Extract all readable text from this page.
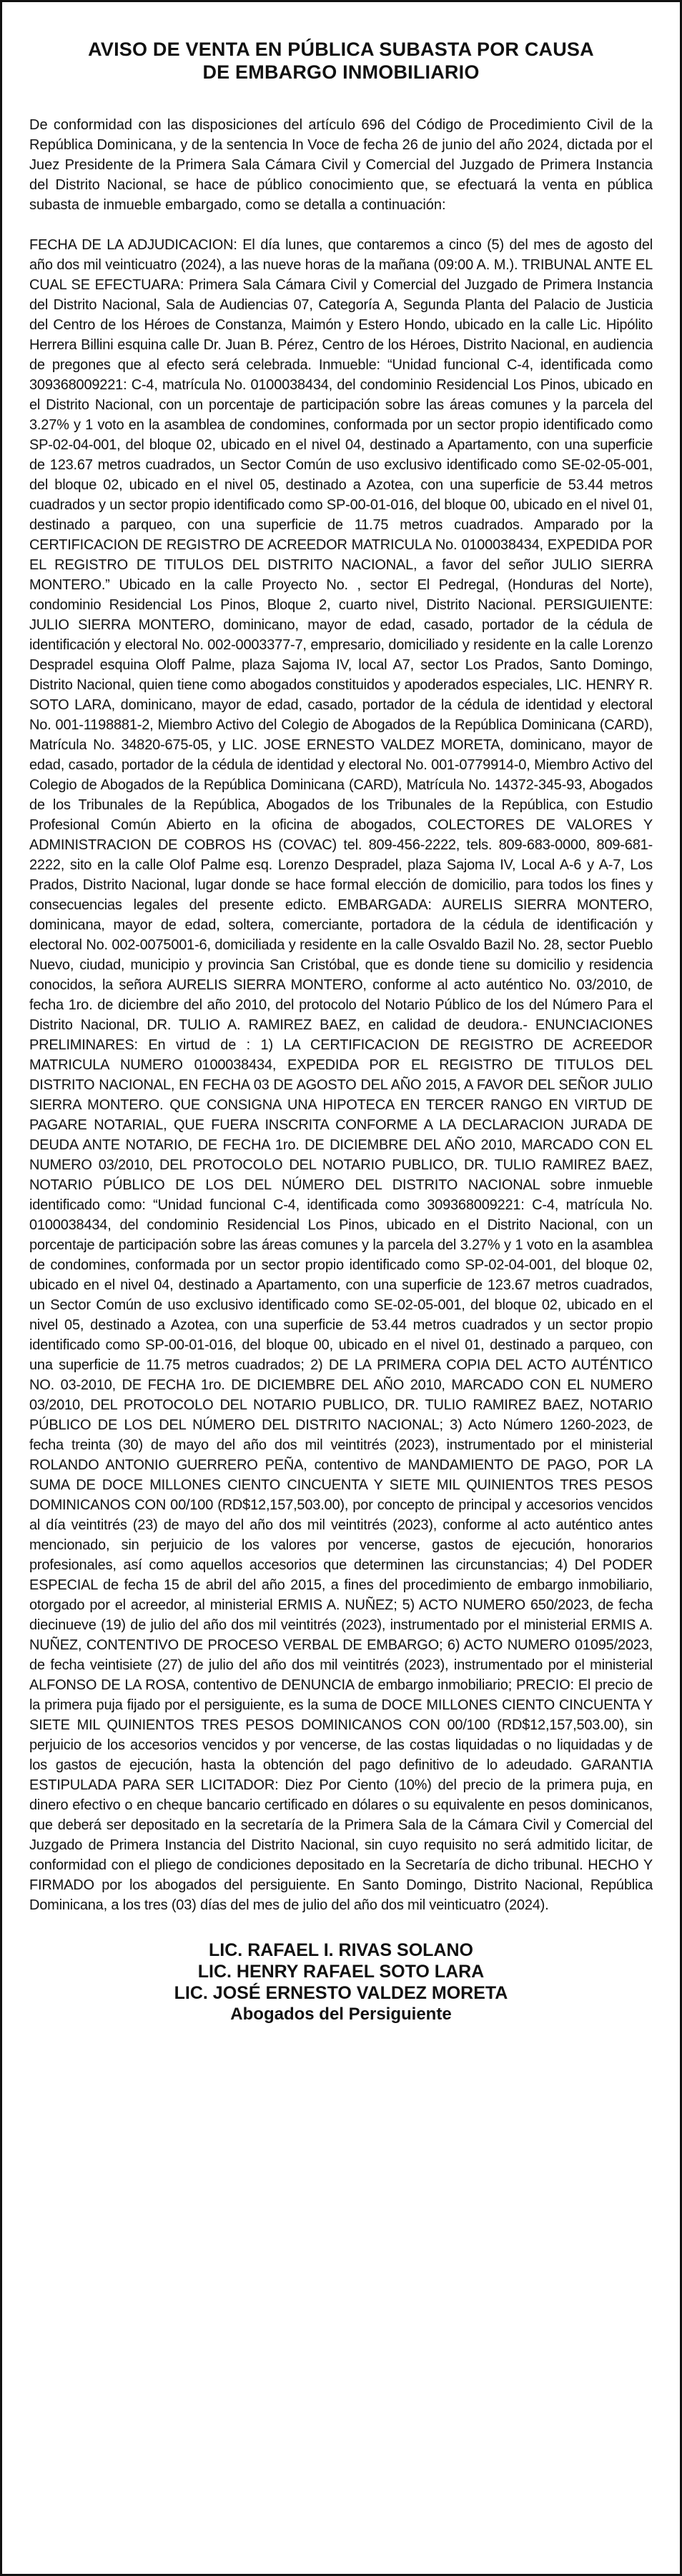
AVISO DE VENTA EN PÚBLICA SUBASTA POR CAUSA
DE EMBARGO INMOBILIARIO

De conformidad con las disposiciones del artículo 696 del Código de Procedimiento Civil de la República Dominicana, y de la sentencia In Voce de fecha 26 de junio del año 2024, dictada por el Juez Presidente de la Primera Sala Cámara Civil y Comercial del Juzgado de Primera Instancia del Distrito Nacional, se hace de público conocimiento que, se efectuará la venta en pública subasta de inmueble embargado, como se detalla a continuación:

FECHA DE LA ADJUDICACION: El día lunes, que contaremos a cinco (5) del mes de agosto del año dos mil veinticuatro (2024), a las nueve horas de la mañana (09:00 A. M.). TRIBUNAL ANTE EL CUAL SE EFECTUARA: Primera Sala Cámara Civil y Comercial del Juzgado de Primera Instancia del Distrito Nacional, Sala de Audiencias 07, Categoría A, Segunda Planta del Palacio de Justicia del Centro de los Héroes de Constanza, Maimón y Estero Hondo, ubicado en la calle Lic. Hipólito Herrera Billini esquina calle Dr. Juan B. Pérez, Centro de los Héroes, Distrito Nacional, en audiencia de pregones que al efecto será celebrada. Inmueble: “Unidad funcional C-4, identificada como 309368009221: C-4, matrícula No. 0100038434, del condominio Residencial Los Pinos, ubicado en el Distrito Nacional, con un porcentaje de participación sobre las áreas comunes y la parcela del 3.27% y 1 voto en la asamblea de condomines, conformada por un sector propio identificado como SP-02-04-001, del bloque 02, ubicado en el nivel 04, destinado a Apartamento, con una superficie de 123.67 metros cuadrados, un Sector Común de uso exclusivo identificado como SE-02-05-001, del bloque 02, ubicado en el nivel 05, destinado a Azotea, con una superficie de 53.44 metros cuadrados y un sector propio identificado como SP-00-01-016, del bloque 00, ubicado en el nivel 01, destinado a parqueo, con una superficie de 11.75 metros cuadrados. Amparado por la CERTIFICACION DE REGISTRO DE ACREEDOR MATRICULA No. 0100038434, EXPEDIDA POR EL REGISTRO DE TITULOS DEL DISTRITO NACIONAL, a favor del señor JULIO SIERRA MONTERO.” Ubicado en la calle Proyecto No. , sector El Pedregal, (Honduras del Norte), condominio Residencial Los Pinos, Bloque 2, cuarto nivel, Distrito Nacional. PERSIGUIENTE: JULIO SIERRA MONTERO, dominicano, mayor de edad, casado, portador de la cédula de identificación y electoral No. 002-0003377-7, empresario, domiciliado y residente en la calle Lorenzo Despradel esquina Oloff Palme, plaza Sajoma IV, local A7, sector Los Prados, Santo Domingo, Distrito Nacional, quien tiene como abogados constituidos y apoderados especiales, LIC. HENRY R. SOTO LARA, dominicano, mayor de edad, casado, portador de la cédula de identidad y electoral No. 001-1198881-2, Miembro Activo del Colegio de Abogados de la República Dominicana (CARD), Matrícula No. 34820-675-05, y LIC. JOSE ERNESTO VALDEZ MORETA, dominicano, mayor de edad, casado, portador de la cédula de identidad y electoral No. 001-0779914-0, Miembro Activo del Colegio de Abogados de la República Dominicana (CARD), Matrícula No. 14372-345-93, Abogados de los Tribunales de la República, Abogados de los Tribunales de la República, con Estudio Profesional Común Abierto en la oficina de abogados, COLECTORES DE VALORES Y ADMINISTRACION DE COBROS HS (COVAC) tel. 809-456-2222, tels. 809-683-0000, 809-681-2222, sito en la calle Olof Palme esq. Lorenzo Despradel, plaza Sajoma IV, Local A-6 y A-7, Los Prados, Distrito Nacional, lugar donde se hace formal elección de domicilio, para todos los fines y consecuencias legales del presente edicto. EMBARGADA: AURELIS SIERRA MONTERO, dominicana, mayor de edad, soltera, comerciante, portadora de la cédula de identificación y electoral No. 002-0075001-6, domiciliada y residente en la calle Osvaldo Bazil No. 28, sector Pueblo Nuevo, ciudad, municipio y provincia San Cristóbal, que es donde tiene su domicilio y residencia conocidos, la señora AURELIS SIERRA MONTERO, conforme al acto auténtico No. 03/2010, de fecha 1ro. de diciembre del año 2010, del protocolo del Notario Público de los del Número Para el Distrito Nacional, DR. TULIO A. RAMIREZ BAEZ, en calidad de deudora.- ENUNCIACIONES PRELIMINARES: En virtud de : 1) LA CERTIFICACION DE REGISTRO DE ACREEDOR MATRICULA NUMERO 0100038434, EXPEDIDA POR EL REGISTRO DE TITULOS DEL DISTRITO NACIONAL, EN FECHA 03 DE AGOSTO DEL AÑO 2015, A FAVOR DEL SEÑOR JULIO SIERRA MONTERO. QUE CONSIGNA UNA HIPOTECA EN TERCER RANGO EN VIRTUD DE PAGARE NOTARIAL, QUE FUERA INSCRITA CONFORME A LA DECLARACION JURADA DE DEUDA ANTE NOTARIO, DE FECHA 1ro. DE DICIEMBRE DEL AÑO 2010, MARCADO CON EL NUMERO 03/2010, DEL PROTOCOLO DEL NOTARIO PUBLICO, DR. TULIO RAMIREZ BAEZ, NOTARIO PÚBLICO DE LOS DEL NÚMERO DEL DISTRITO NACIONAL sobre inmueble identificado como: “Unidad funcional C-4, identificada como 309368009221: C-4, matrícula No. 0100038434, del condominio Residencial Los Pinos, ubicado en el Distrito Nacional, con un porcentaje de participación sobre las áreas comunes y la parcela del 3.27% y 1 voto en la asamblea de condomines, conformada por un sector propio identificado como SP-02-04-001, del bloque 02, ubicado en el nivel 04, destinado a Apartamento, con una superficie de 123.67 metros cuadrados, un Sector Común de uso exclusivo identificado como SE-02-05-001, del bloque 02, ubicado en el nivel 05, destinado a Azotea, con una superficie de 53.44 metros cuadrados y un sector propio identificado como SP-00-01-016, del bloque 00, ubicado en el nivel 01, destinado a parqueo, con una superficie de 11.75 metros cuadrados; 2) DE LA PRIMERA COPIA DEL ACTO AUTÉNTICO NO. 03-2010, DE FECHA 1ro. DE DICIEMBRE DEL AÑO 2010, MARCADO CON EL NUMERO 03/2010, DEL PROTOCOLO DEL NOTARIO PUBLICO, DR. TULIO RAMIREZ BAEZ, NOTARIO PÚBLICO DE LOS DEL NÚMERO DEL DISTRITO NACIONAL; 3) Acto Número 1260-2023, de fecha treinta (30) de mayo del año dos mil veintitrés (2023), instrumentado por el ministerial ROLANDO ANTONIO GUERRERO PEÑA, contentivo de MANDAMIENTO DE PAGO, POR LA SUMA DE DOCE MILLONES CIENTO CINCUENTA Y SIETE MIL QUINIENTOS TRES PESOS DOMINICANOS CON 00/100 (RD$12,157,503.00), por concepto de principal y accesorios vencidos al día veintitrés (23) de mayo del año dos mil veintitrés (2023), conforme al acto auténtico antes mencionado, sin perjuicio de los valores por vencerse, gastos de ejecución, honorarios profesionales, así como aquellos accesorios que determinen las circunstancias; 4) Del PODER ESPECIAL de fecha 15 de abril del año 2015, a fines del procedimiento de embargo inmobiliario, otorgado por el acreedor, al ministerial ERMIS A. NUÑEZ; 5) ACTO NUMERO 650/2023, de fecha diecinueve (19) de julio del año dos mil veintitrés (2023), instrumentado por el ministerial ERMIS A. NUÑEZ, CONTENTIVO DE PROCESO VERBAL DE EMBARGO; 6) ACTO NUMERO 01095/2023, de fecha veintisiete (27) de julio del año dos mil veintitrés (2023), instrumentado por el ministerial ALFONSO DE LA ROSA, contentivo de DENUNCIA de embargo inmobiliario; PRECIO: El precio de la primera puja fijado por el persiguiente, es la suma de DOCE MILLONES CIENTO CINCUENTA Y SIETE MIL QUINIENTOS TRES PESOS DOMINICANOS CON 00/100 (RD$12,157,503.00), sin perjuicio de los accesorios vencidos y por vencerse, de las costas liquidadas o no liquidadas y de los gastos de ejecución, hasta la obtención del pago definitivo de lo adeudado. GARANTIA ESTIPULADA PARA SER LICITADOR: Diez Por Ciento (10%) del precio de la primera puja, en dinero efectivo o en cheque bancario certificado en dólares o su equivalente en pesos dominicanos, que deberá ser depositado en la secretaría de la Primera Sala de la Cámara Civil y Comercial del Juzgado de Primera Instancia del Distrito Nacional, sin cuyo requisito no será admitido licitar, de conformidad con el pliego de condiciones depositado en la Secretaría de dicho tribunal. HECHO Y FIRMADO por los abogados del persiguiente. En Santo Domingo, Distrito Nacional, República Dominicana, a los tres (03) días del mes de julio del año dos mil veinticuatro (2024).

LIC. RAFAEL I. RIVAS SOLANO
LIC. HENRY RAFAEL SOTO LARA
LIC. JOSÉ ERNESTO VALDEZ MORETA
Abogados del Persiguiente
